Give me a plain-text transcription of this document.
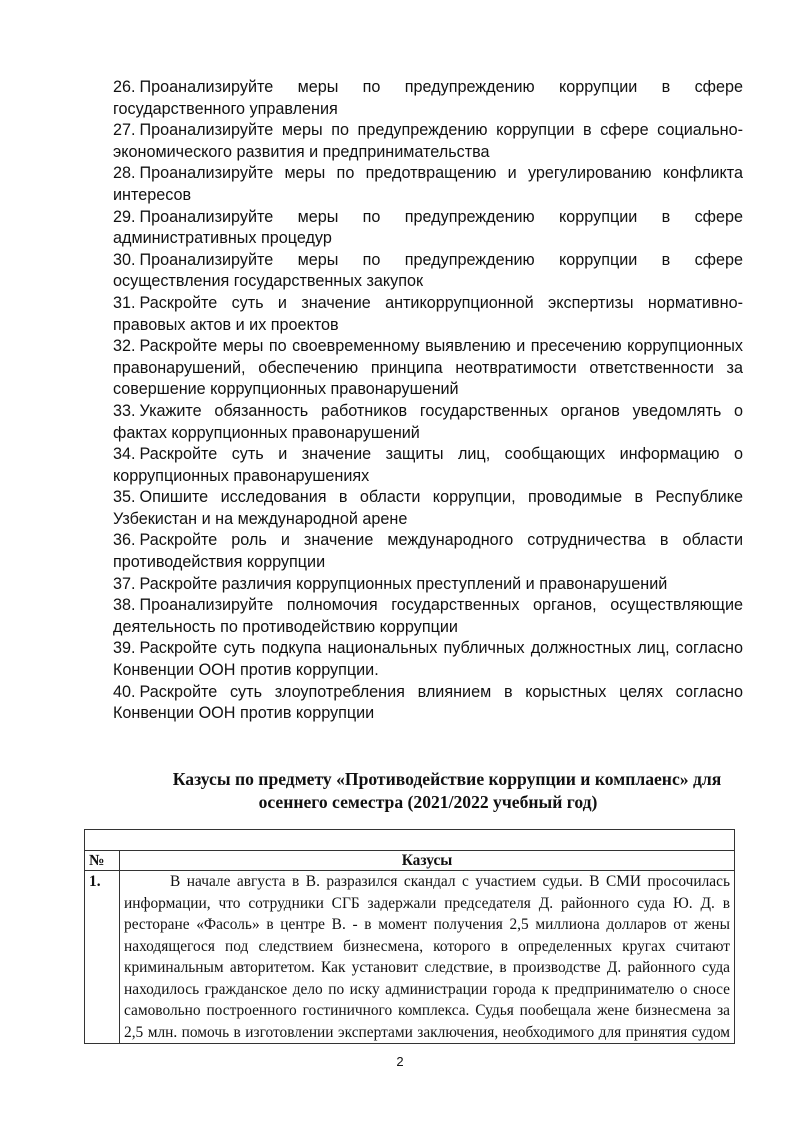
26. Проанализируйте меры по предупреждению коррупции в сфере государственного управления

27. Проанализируйте меры по предупреждению коррупции в сфере социально-экономического развития и предпринимательства

28. Проанализируйте меры по предотвращению и урегулированию конфликта интересов

29. Проанализируйте меры по предупреждению коррупции в сфере административных процедур

30. Проанализируйте меры по предупреждению коррупции в сфере осуществления государственных закупок

31. Раскройте суть и значение антикоррупционной экспертизы нормативно-правовых актов и их проектов

32. Раскройте меры по своевременному выявлению и пресечению коррупционных правонарушений, обеспечению принципа неотвратимости ответственности за совершение коррупционных правонарушений

33. Укажите обязанность работников государственных органов уведомлять о фактах коррупционных правонарушений

34. Раскройте суть и значение защиты лиц, сообщающих информацию о коррупционных правонарушениях

35. Опишите исследования в области коррупции, проводимые в Республике Узбекистан и на международной арене

36. Раскройте роль и значение международного сотрудничества в области противодействия коррупции

37. Раскройте различия коррупционных преступлений и правонарушений

38. Проанализируйте полномочия государственных органов, осуществляющие деятельность по противодействию коррупции

39. Раскройте суть подкупа национальных публичных должностных лиц, согласно Конвенции ООН против коррупции.

40. Раскройте суть злоупотребления влиянием в корыстных целях согласно Конвенции ООН против коррупции

Казусы по предмету «Противодействие коррупции и комплаенс» для
осеннего семестра (2021/2022 учебный год)

№	Казусы
1.	В начале августа в В. разразился скандал с участием судьи. В СМИ просочилась информации, что сотрудники СГБ задержали председателя Д. районного суда Ю. Д. в ресторане «Фасоль» в центре В. - в момент получения 2,5 миллиона долларов от жены находящегося под следствием бизнесмена, которого в определенных кругах считают криминальным авторитетом. Как установит следствие, в производстве Д. районного суда находилось гражданское дело по иску администрации города к предпринимателю о сносе самовольно построенного гостиничного комплекса. Судья пообещала жене бизнесмена за 2,5 млн. помочь в изготовлении экспертами заключения, необходимого для принятия судом
2
